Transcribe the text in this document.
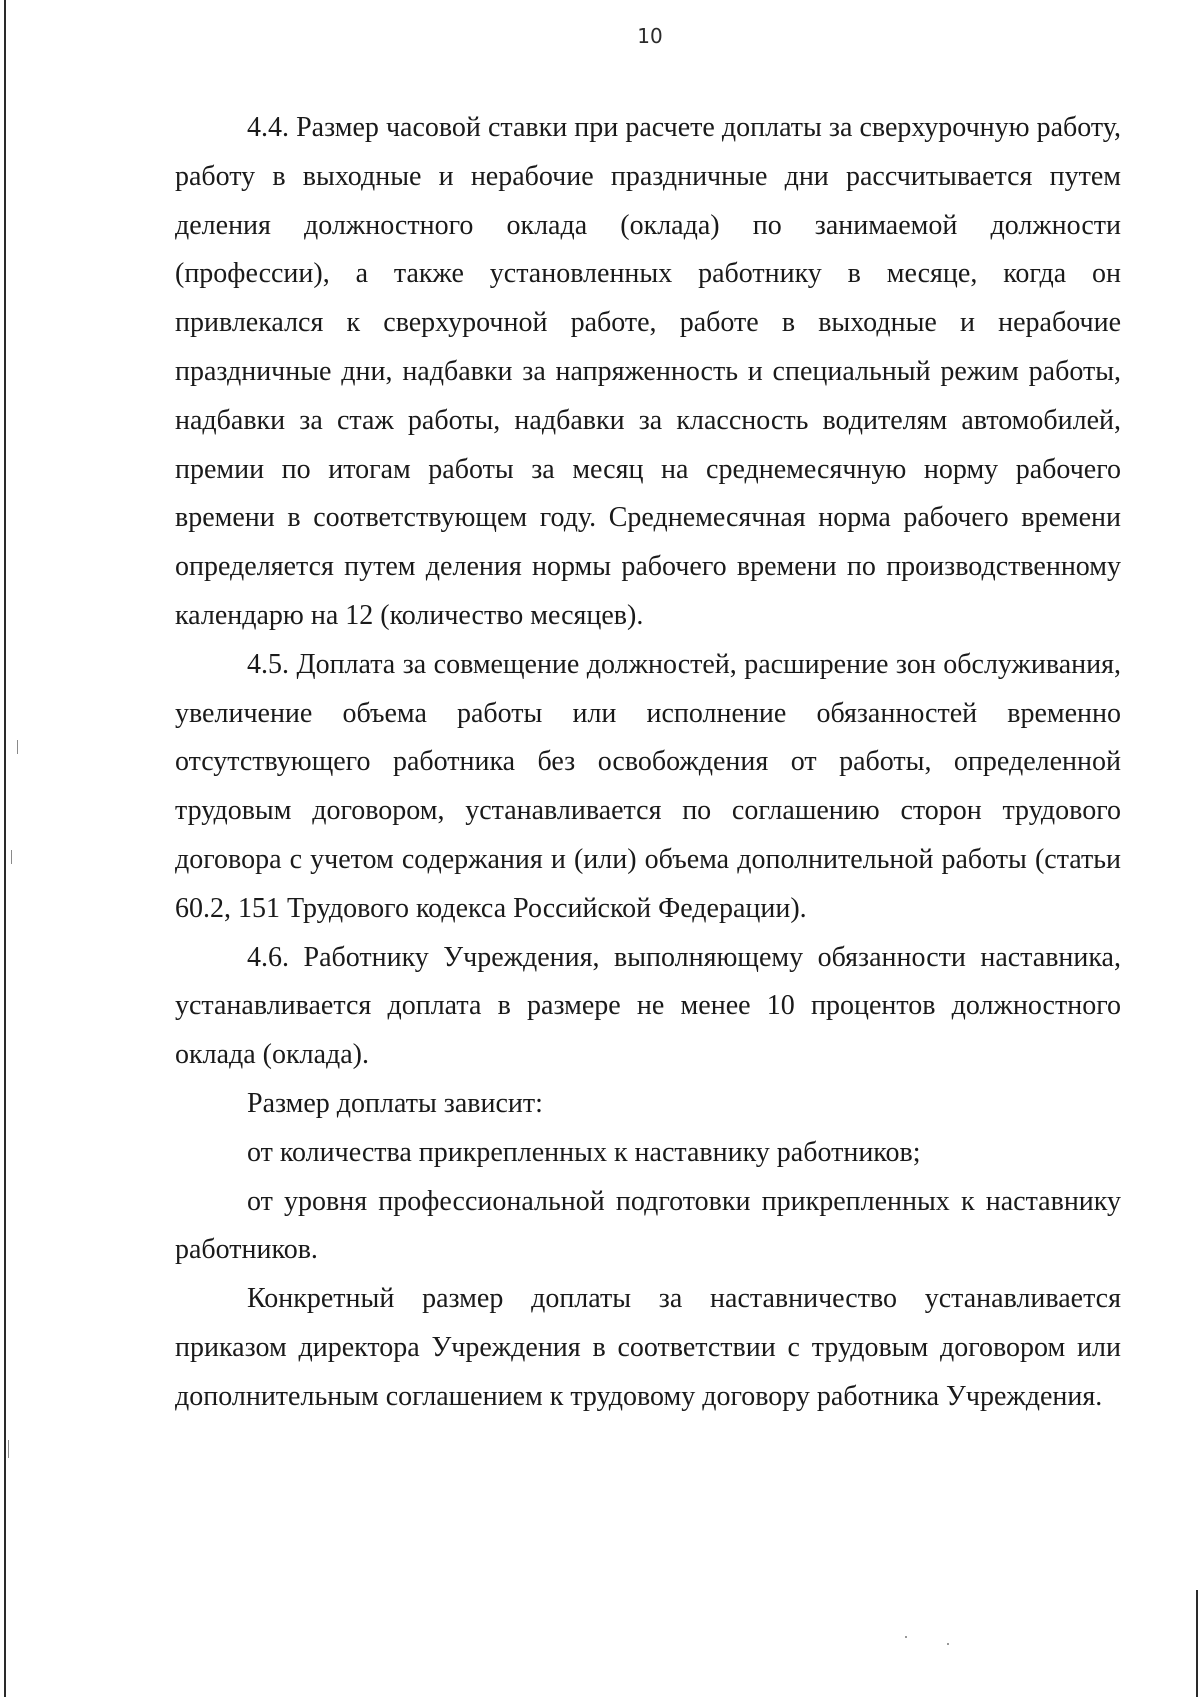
10

4.4. Размер часовой ставки при расчете доплаты за сверхурочную работу, работу в выходные и нерабочие праздничные дни рассчитывается путем деления должностного оклада (оклада) по занимаемой должности (профессии), а также установленных работнику в месяце, когда он привлекался к сверхурочной работе, работе в выходные и нерабочие праздничные дни, надбавки за напряженность и специальный режим работы, надбавки за стаж работы, надбавки за классность водителям автомобилей, премии по итогам работы за месяц на среднемесячную норму рабочего времени в соответствующем году. Среднемесячная норма рабочего времени определяется путем деления нормы рабочего времени по производственному календарю на 12 (количество месяцев).

4.5. Доплата за совмещение должностей, расширение зон обслуживания, увеличение объема работы или исполнение обязанностей временно отсутствующего работника без освобождения от работы, определенной трудовым договором, устанавливается по соглашению сторон трудового договора с учетом содержания и (или) объема дополнительной работы (статьи 60.2, 151 Трудового кодекса Российской Федерации).

4.6. Работнику Учреждения, выполняющему обязанности наставника, устанавливается доплата в размере не менее 10 процентов должностного оклада (оклада).

Размер доплаты зависит:

от количества прикрепленных к наставнику работников;

от уровня профессиональной подготовки прикрепленных к наставнику работников.

Конкретный размер доплаты за наставничество устанавливается приказом директора Учреждения в соответствии с трудовым договором или дополнительным соглашением к трудовому договору работника Учреждения.
